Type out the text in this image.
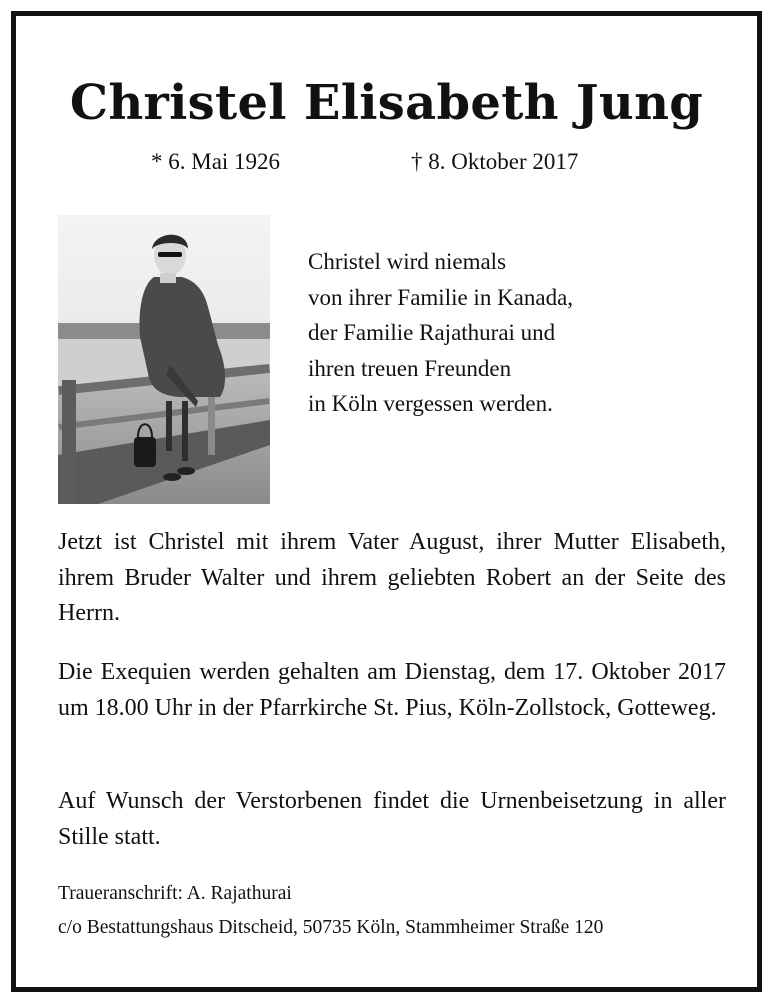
Christel Elisabeth Jung
* 6. Mai 1926	† 8. Oktober 2017
Christel wird niemals
von ihrer Familie in Kanada,
der Familie Rajathurai und
ihren treuen Freunden
in Köln vergessen werden.
Jetzt ist Christel mit ihrem Vater August, ihrer Mutter Elisabeth, ihrem Bruder Walter und ihrem geliebten Robert an der Seite des Herrn.
Die Exequien werden gehalten am Dienstag, dem 17. Oktober 2017 um 18.00 Uhr in der Pfarrkirche St. Pius, Köln-Zollstock, Gotteweg.
Auf Wunsch der Verstorbenen findet die Urnenbeisetzung in aller Stille statt.
Traueranschrift: A. Rajathurai
c/o Bestattungshaus Ditscheid, 50735 Köln, Stammheimer Straße 120
